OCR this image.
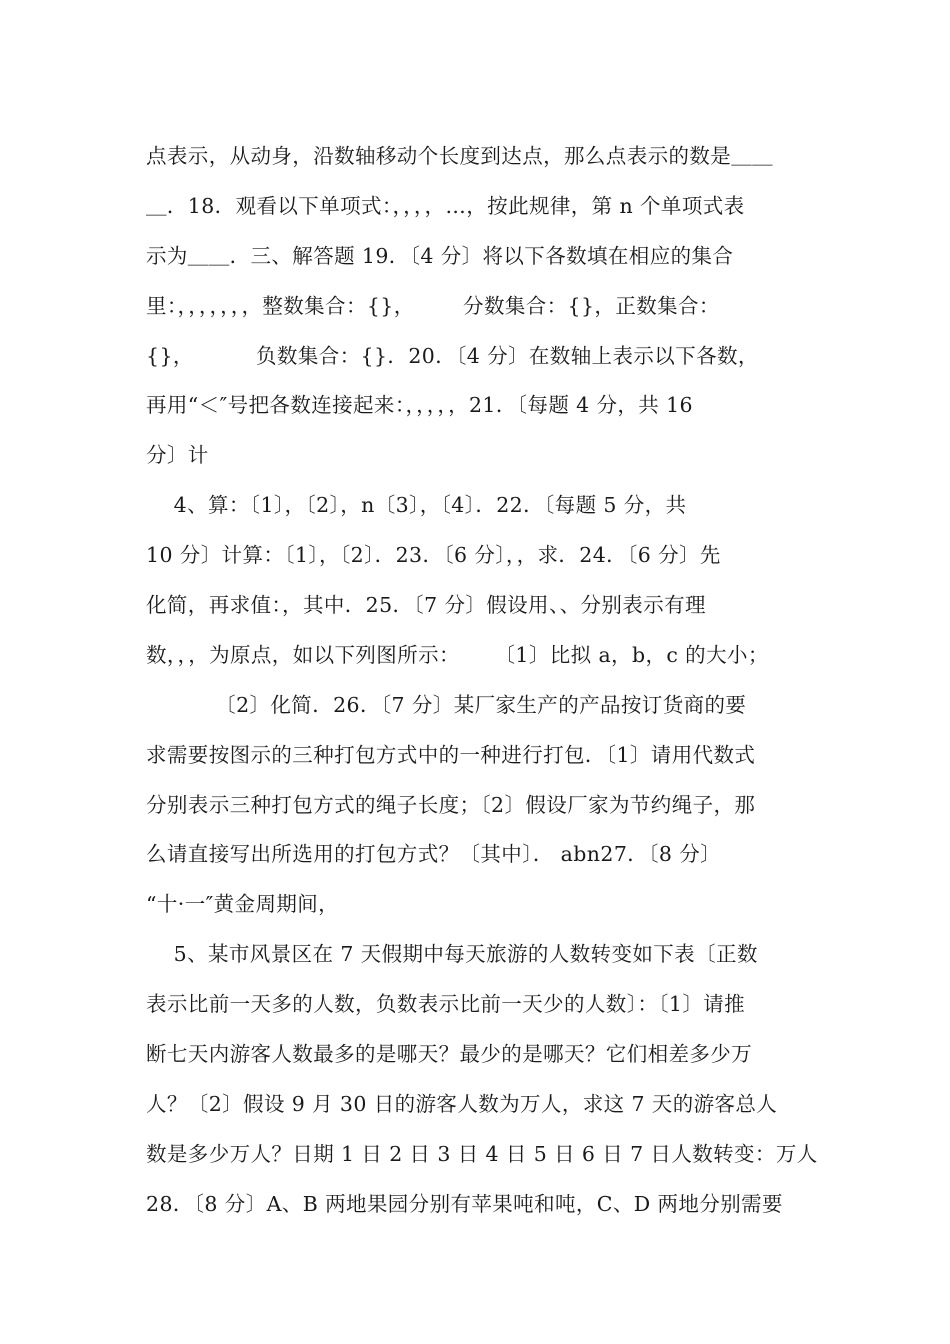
点表示，从动身，沿数轴移动个长度到达点，那么点表示的数是＿＿
＿．18．观看以下单项式：，，，，…，按此规律，第 n 个单项式表
示为＿＿．三、解答题 19．〔4 分〕将以下各数填在相应的集合
里：，，，，，，，整数集合：{}，       分数集合：{}，正数集合：
{}，         负数集合：{}．20．〔4 分〕在数轴上表示以下各数，
再用“＜″号把各数连接起来：，，，，，21．〔每题 4 分，共 16
分〕计
4、算：〔1〕，〔2〕，n〔3〕，〔4〕．22．〔每题 5 分，共
10 分〕计算：〔1〕，〔2〕．23．〔6 分〕，，求．24．〔6 分〕先
化简，再求值：，其中．25．〔7 分〕假设用、、分别表示有理
数，，，为原点，如以下列图所示：     〔1〕比拟 a，b，c 的大小；
〔2〕化简．26．〔7 分〕某厂家生产的产品按订货商的要
求需要按图示的三种打包方式中的一种进行打包．〔1〕请用代数式
分别表示三种打包方式的绳子长度；〔2〕假设厂家为节约绳子，那
么请直接写出所选用的打包方式？〔其中〕． abn27．〔8 分〕
“十·一″黄金周期间，
5、某市风景区在 7 天假期中每天旅游的人数转变如下表〔正数
表示比前一天多的人数，负数表示比前一天少的人数〕：〔1〕请推
断七天内游客人数最多的是哪天？最少的是哪天？它们相差多少万
人？〔2〕假设 9 月 30 日的游客人数为万人，求这 7 天的游客总人
数是多少万人？日期 1 日 2 日 3 日 4 日 5 日 6 日 7 日人数转变：万人
28．〔8 分〕A、B 两地果园分别有苹果吨和吨，C、D 两地分别需要
